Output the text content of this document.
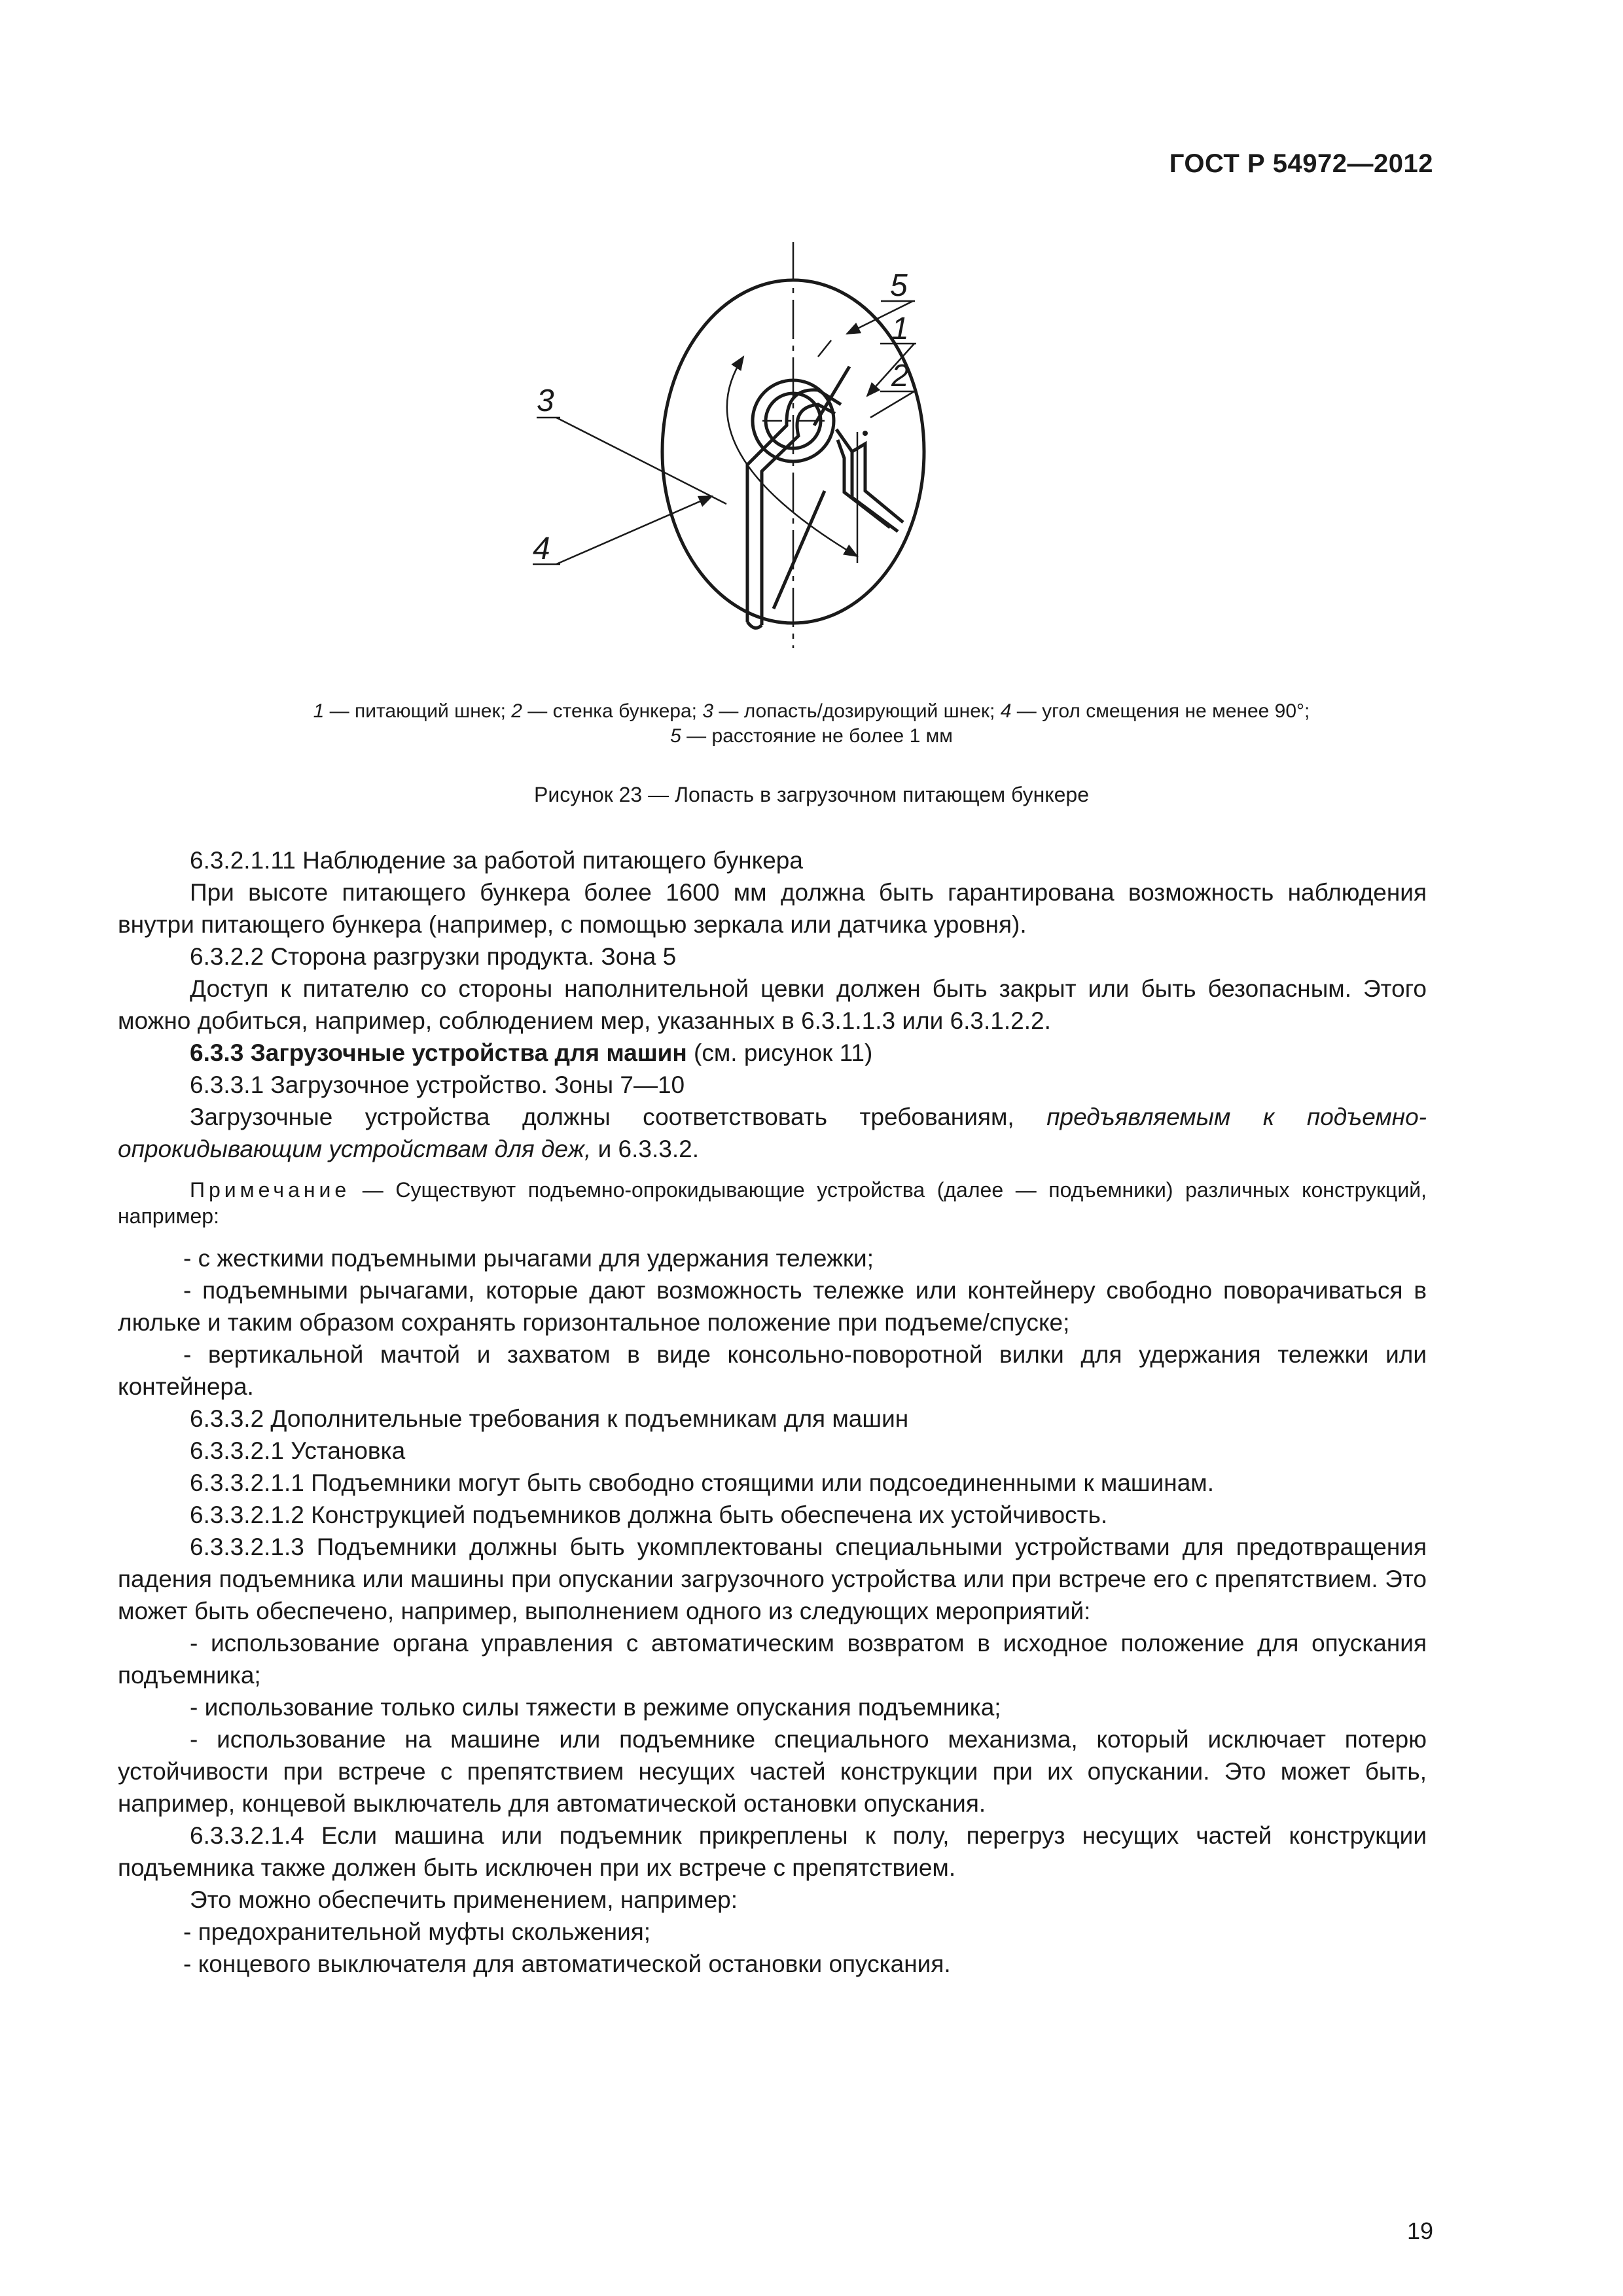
ГОСТ Р 54972—2012
5
1
2
3
4
1 — питающий шнек; 2 — стенка бункера; 3 — лопасть/дозирующий шнек; 4 — угол смещения не менее 90°;
5 — расстояние не более 1 мм
Рисунок 23 — Лопасть в загрузочном питающем бункере

6.3.2.1.11 Наблюдение за работой питающего бункера

При высоте питающего бункера более 1600 мм должна быть гарантирована возможность наблюдения внутри питающего бункера (например, с помощью зеркала или датчика уровня).

6.3.2.2 Сторона разгрузки продукта. Зона 5

Доступ к питателю со стороны наполнительной цевки должен быть закрыт или быть безопасным. Этого можно добиться, например, соблюдением мер, указанных в 6.3.1.1.3 или 6.3.1.2.2.

6.3.3 Загрузочные устройства для машин (см. рисунок 11)

6.3.3.1 Загрузочное устройство. Зоны 7—10

Загрузочные устройства должны соответствовать требованиям, предъявляемым к подъемно-опрокидывающим устройствам для деж, и 6.3.3.2.

Примечание — Существуют подъемно-опрокидывающие устройства (далее — подъемники) различных конструкций, например:

- с жесткими подъемными рычагами для удержания тележки;

- подъемными рычагами, которые дают возможность тележке или контейнеру свободно поворачиваться в люльке и таким образом сохранять горизонтальное положение при подъеме/спуске;

- вертикальной мачтой и захватом в виде консольно-поворотной вилки для удержания тележки или контейнера.

6.3.3.2 Дополнительные требования к подъемникам для машин

6.3.3.2.1 Установка

6.3.3.2.1.1 Подъемники могут быть свободно стоящими или подсоединенными к машинам.

6.3.3.2.1.2 Конструкцией подъемников должна быть обеспечена их устойчивость.

6.3.3.2.1.3 Подъемники должны быть укомплектованы специальными устройствами для предотвращения падения подъемника или машины при опускании загрузочного устройства или при встрече его с препятствием. Это может быть обеспечено, например, выполнением одного из следующих мероприятий:

- использование органа управления с автоматическим возвратом в исходное положение для опускания подъемника;

- использование только силы тяжести в режиме опускания подъемника;

- использование на машине или подъемнике специального механизма, который исключает потерю устойчивости при встрече с препятствием несущих частей конструкции при их опускании. Это может быть, например, концевой выключатель для автоматической остановки опускания.

6.3.3.2.1.4 Если машина или подъемник прикреплены к полу, перегруз несущих частей конструкции подъемника также должен быть исключен при их встрече с препятствием.

Это можно обеспечить применением, например:

- предохранительной муфты скольжения;

- концевого выключателя для автоматической остановки опускания.

19
